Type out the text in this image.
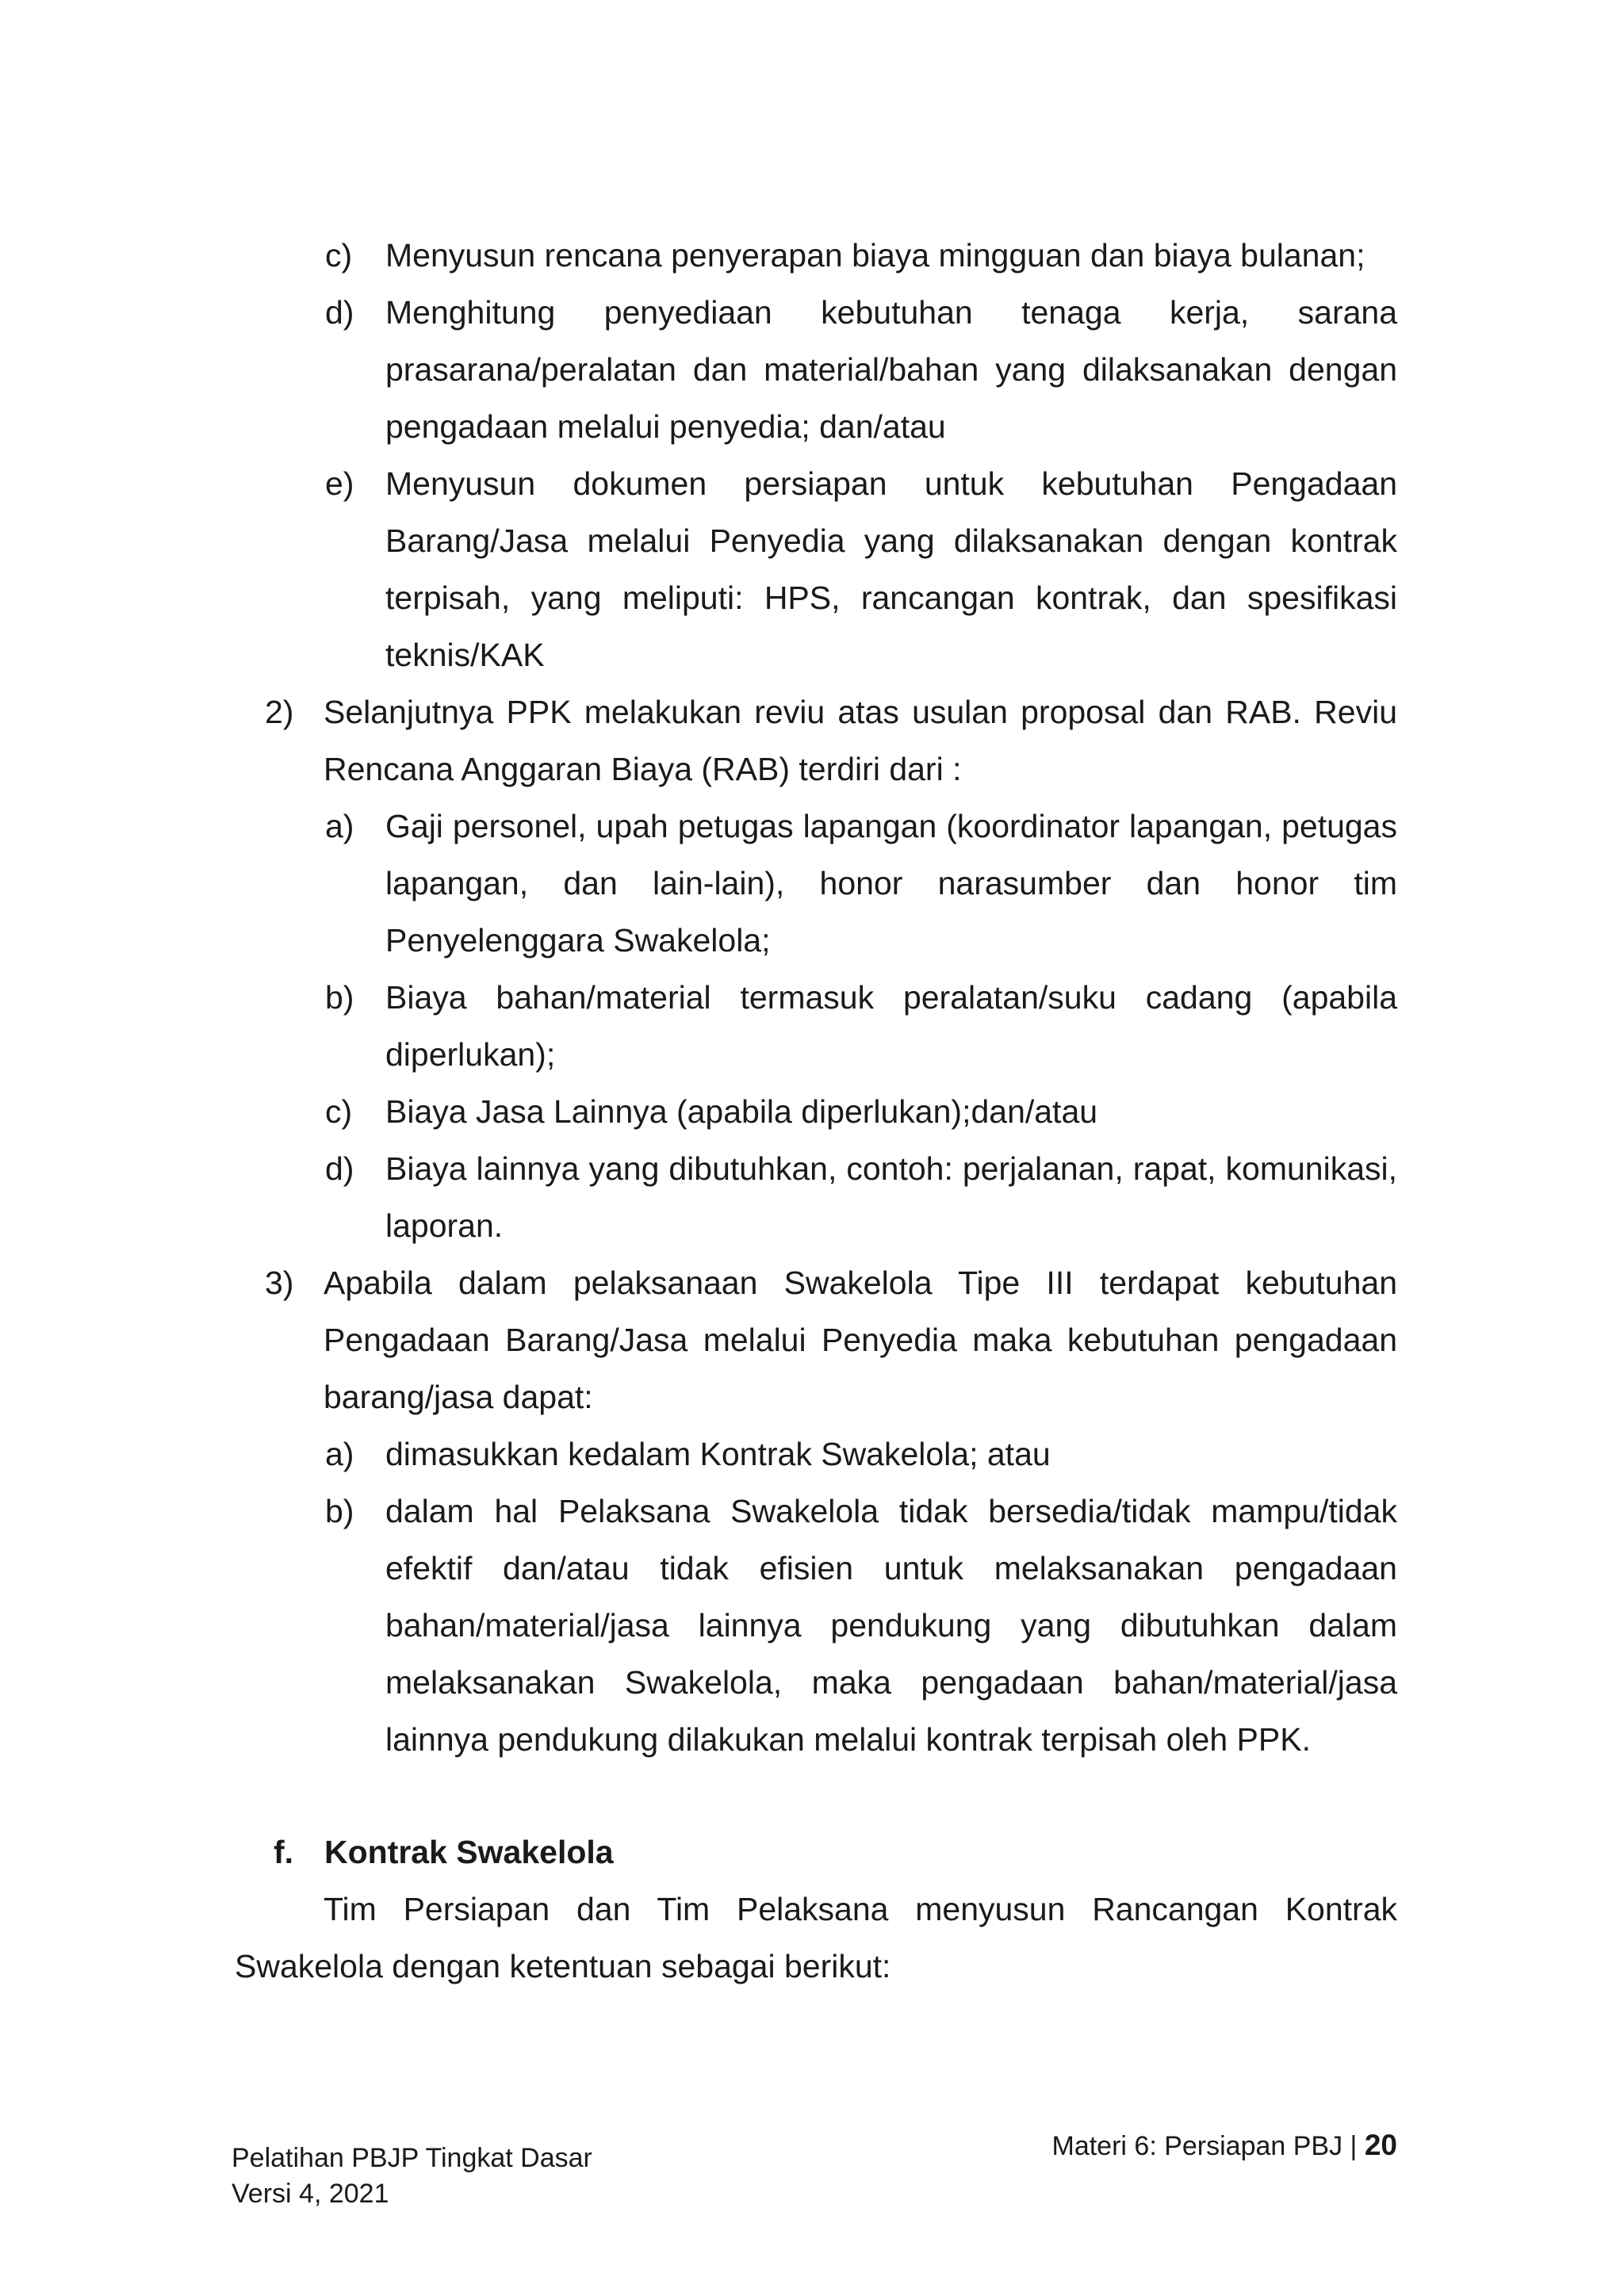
c) Menyusun rencana penyerapan biaya mingguan dan biaya bulanan;
d) Menghitung penyediaan kebutuhan tenaga kerja, sarana prasarana/peralatan dan material/bahan yang dilaksanakan dengan pengadaan melalui penyedia; dan/atau
e) Menyusun dokumen persiapan untuk kebutuhan Pengadaan Barang/Jasa melalui Penyedia yang dilaksanakan dengan kontrak terpisah, yang meliputi: HPS, rancangan kontrak, dan spesifikasi teknis/KAK
2) Selanjutnya PPK melakukan reviu atas usulan proposal dan RAB. Reviu Rencana Anggaran Biaya (RAB) terdiri dari :
a) Gaji personel, upah petugas lapangan (koordinator lapangan, petugas lapangan, dan lain-lain), honor narasumber dan honor tim Penyelenggara Swakelola;
b) Biaya bahan/material termasuk peralatan/suku cadang (apabila diperlukan);
c) Biaya Jasa Lainnya (apabila diperlukan);dan/atau
d) Biaya lainnya yang dibutuhkan, contoh: perjalanan, rapat, komunikasi, laporan.
3) Apabila dalam pelaksanaan Swakelola Tipe III terdapat kebutuhan Pengadaan Barang/Jasa melalui Penyedia maka kebutuhan pengadaan barang/jasa dapat:
a) dimasukkan kedalam Kontrak Swakelola; atau
b) dalam hal Pelaksana Swakelola tidak bersedia/tidak mampu/tidak efektif dan/atau tidak efisien untuk melaksanakan pengadaan bahan/material/jasa lainnya pendukung yang dibutuhkan dalam melaksanakan Swakelola, maka pengadaan bahan/material/jasa lainnya pendukung dilakukan melalui kontrak terpisah oleh PPK.
f. Kontrak Swakelola
Tim Persiapan dan Tim Pelaksana menyusun Rancangan Kontrak Swakelola dengan ketentuan sebagai berikut:
Pelatihan PBJP Tingkat Dasar
Versi 4, 2021
Materi 6: Persiapan PBJ | 20
